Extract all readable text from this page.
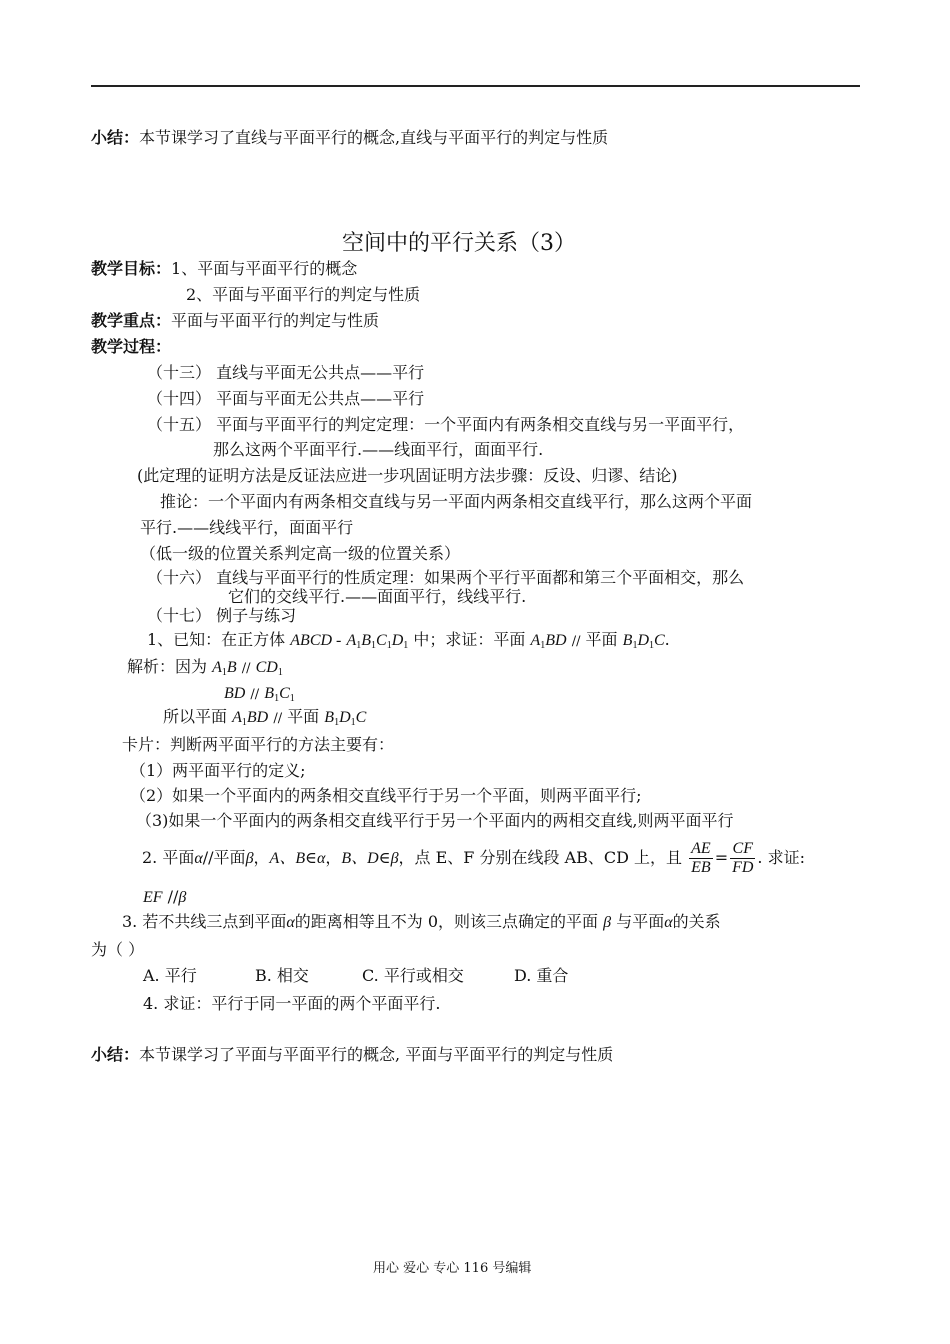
小结：本节课学习了直线与平面平行的概念,直线与平面平行的判定与性质
空间中的平行关系（3）
教学目标：1、平面与平面平行的概念
2、平面与平面平行的判定与性质
教学重点：平面与平面平行的判定与性质
教学过程：
（十三） 直线与平面无公共点——平行
（十四） 平面与平面无公共点——平行
（十五） 平面与平面平行的判定定理：一个平面内有两条相交直线与另一平面平行，
那么这两个平面平行.——线面平行，面面平行.
(此定理的证明方法是反证法应进一步巩固证明方法步骤：反设、归谬、结论)
推论：一个平面内有两条相交直线与另一平面内两条相交直线平行，那么这两个平面
平行.——线线平行，面面平行
（低一级的位置关系判定高一级的位置关系）
（十六） 直线与平面平行的性质定理：如果两个平行平面都和第三个平面相交，那么
它们的交线平行.——面面平行，线线平行.
（十七） 例子与练习
1、已知：在正方体 ABCD - $A_1B_1C_1D_1$ 中；求证：平面 $A_1BD$ // 平面 $B_1D_1C$.
解析：因为 $A_1B // CD_1$
BD // $B_1C_1$
所以平面 $A_1BD$ // 平面 $B_1D_1C$
卡片：判断两平面平行的方法主要有：
（1）两平面平行的定义;
（2）如果一个平面内的两条相交直线平行于另一个平面，则两平面平行;
（3)如果一个平面内的两条相交直线平行于另一个平面内的两相交直线,则两平面平行
2. 平面α//平面β，A、B∈α，B、D∈β，点 E、F 分别在线段 AB、CD 上，且 $\frac{AE}{EB} = \frac{CF}{FD}$ . 求证:
EF //β
3. 若不共线三点到平面α的距离相等且不为 0，则该三点确定的平面 β 与平面α的关系
为（ ）
A. 平行	B. 相交	C. 平行或相交	D. 重合
4. 求证：平行于同一平面的两个平面平行.
小结：本节课学习了平面与平面平行的概念, 平面与平面平行的判定与性质
用心 爱心 专心 116 号编辑
